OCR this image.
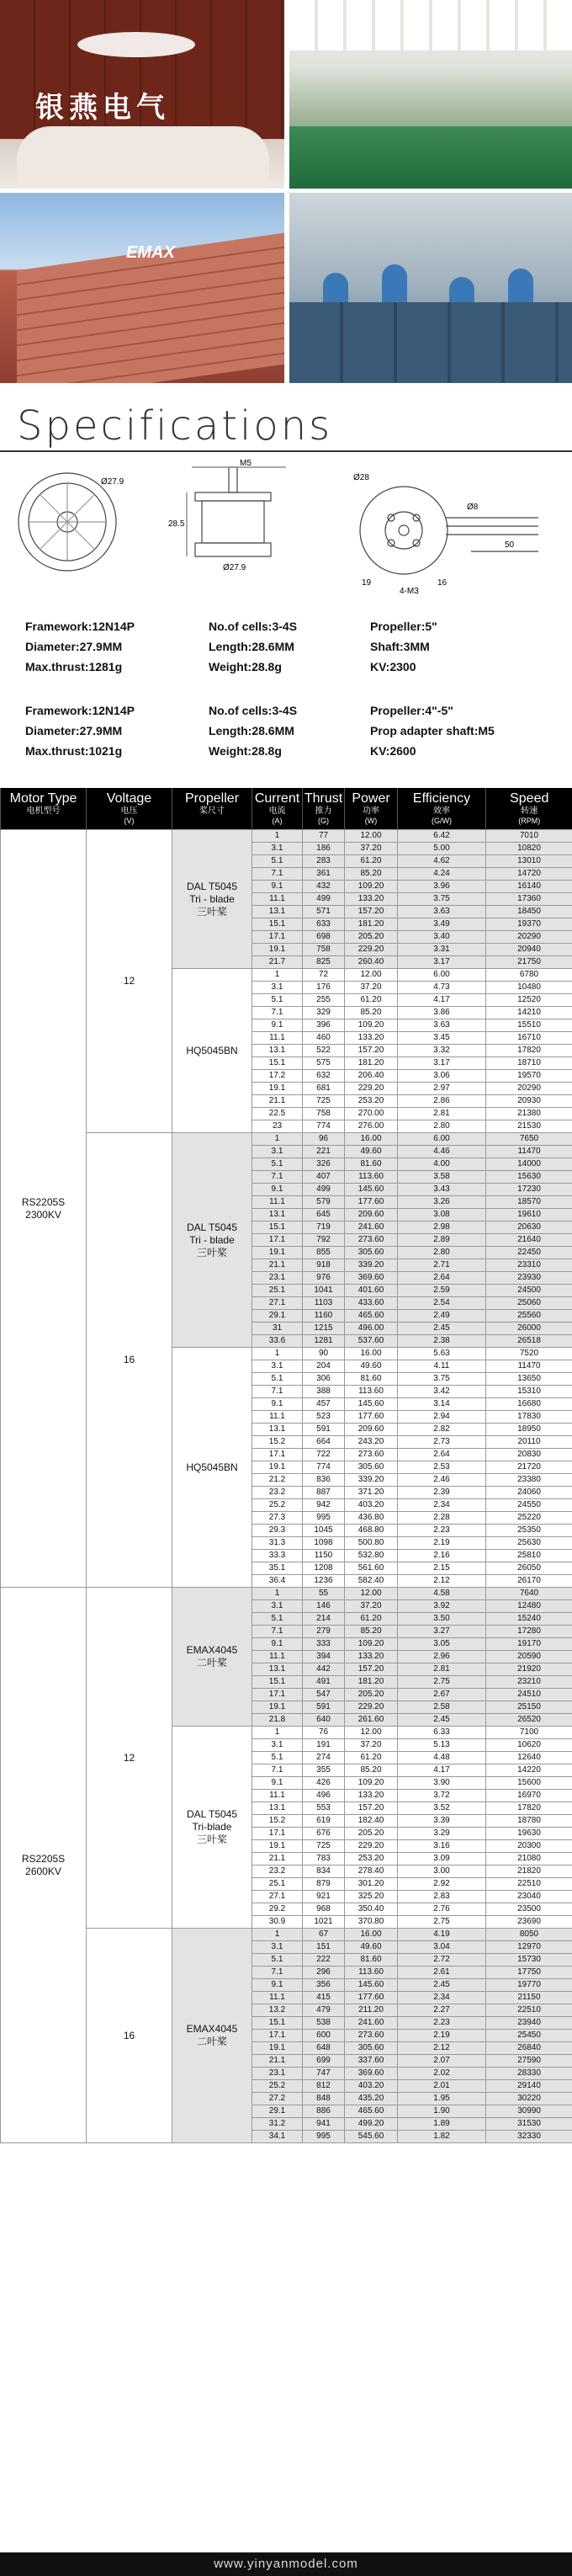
银燕电气
EMAX
Specifications
Ø27.9
M5
28.5
Ø27.9
Ø28
Ø8
19	16
4-M3
50
Framework:12N14P
Diameter:27.9MM
Max.thrust:1281g
No.of cells:3-4S
Length:28.6MM
Weight:28.8g
Propeller:5"
Shaft:3MM
KV:2300
Framework:12N14P
Diameter:27.9MM
Max.thrust:1021g
No.of cells:3-4S
Length:28.6MM
Weight:28.8g
Propeller:4"-5"
Prop adapter shaft:M5
KV:2600
Motor Type
电机型号	Voltage
电压
(V)	Propeller
桨尺寸	Current
电流
(A)	Thrust
推力
(G)	Power
功率
(W)	Efficiency
效率
(G/W)	Speed
转速
(RPM)

RS2205S
2300KV	12	DAL T5045
Tri - blade
三叶桨	1	77	12.00	6.42	7010
			3.1	186	37.20	5.00	10820
			5.1	283	61.20	4.62	13010
			7.1	361	85.20	4.24	14720
			9.1	432	109.20	3.96	16140
			11.1	499	133.20	3.75	17360
			13.1	571	157.20	3.63	18450
			15.1	633	181.20	3.49	19370
			17.1	698	205.20	3.40	20290
			19.1	758	229.20	3.31	20940
			21.7	825	260.40	3.17	21750
		HQ5045BN	1	72	12.00	6.00	6780
			3.1	176	37.20	4.73	10480
			5.1	255	61.20	4.17	12520
			7.1	329	85.20	3.86	14210
			9.1	396	109.20	3.63	15510
			11.1	460	133.20	3.45	16710
			13.1	522	157.20	3.32	17820
			15.1	575	181.20	3.17	18710
			17.2	632	206.40	3.06	19570
			19.1	681	229.20	2.97	20290
			21.1	725	253.20	2.86	20930
			22.5	758	270.00	2.81	21380
			23	774	276.00	2.80	21530
	16	DAL T5045
Tri - blade
三叶桨	1	96	16.00	6.00	7650
			3.1	221	49.60	4.46	11470
			5.1	326	81.60	4.00	14000
			7.1	407	113.60	3.58	15630
			9.1	499	145.60	3.43	17230
			11.1	579	177.60	3.26	18570
			13.1	645	209.60	3.08	19610
			15.1	719	241.60	2.98	20630
			17.1	792	273.60	2.89	21640
			19.1	855	305.60	2.80	22450
			21.1	918	339.20	2.71	23310
			23.1	976	369.60	2.64	23930
			25.1	1041	401.60	2.59	24500
			27.1	1103	433.60	2.54	25060
			29.1	1160	465.60	2.49	25560
			31	1215	496.00	2.45	26000
			33.6	1281	537.60	2.38	26518
		HQ5045BN	1	90	16.00	5.63	7520
			3.1	204	49.60	4.11	11470
			5.1	306	81.60	3.75	13650
			7.1	388	113.60	3.42	15310
			9.1	457	145.60	3.14	16680
			11.1	523	177.60	2.94	17830
			13.1	591	209.60	2.82	18950
			15.2	664	243.20	2.73	20110
			17.1	722	273.60	2.64	20830
			19.1	774	305.60	2.53	21720
			21.2	836	339.20	2.46	23380
			23.2	887	371.20	2.39	24060
			25.2	942	403.20	2.34	24550
			27.3	995	436.80	2.28	25220
			29.3	1045	468.80	2.23	25350
			31.3	1098	500.80	2.19	25630
			33.3	1150	532.80	2.16	25810
			35.1	1208	561.60	2.15	26050
			36.4	1236	582.40	2.12	26170
RS2205S
2600KV	12	EMAX4045
二叶桨	1	55	12.00	4.58	7640
			3.1	146	37.20	3.92	12480
			5.1	214	61.20	3.50	15240
			7.1	279	85.20	3.27	17280
			9.1	333	109.20	3.05	19170
			11.1	394	133.20	2.96	20590
			13.1	442	157.20	2.81	21920
			15.1	491	181.20	2.75	23210
			17.1	547	205.20	2.67	24510
			19.1	591	229.20	2.58	25150
			21.8	640	261.60	2.45	26520
		DAL T5045
Tri-blade
三叶桨	1	76	12.00	6.33	7100
			3.1	191	37.20	5.13	10620
			5.1	274	61.20	4.48	12640
			7.1	355	85.20	4.17	14220
			9.1	426	109.20	3.90	15600
			11.1	496	133.20	3.72	16970
			13.1	553	157.20	3.52	17820
			15.2	619	182.40	3.39	18780
			17.1	676	205.20	3.29	19630
			19.1	725	229.20	3.16	20300
			21.1	783	253.20	3.09	21080
			23.2	834	278.40	3.00	21820
			25.1	879	301.20	2.92	22510
			27.1	921	325.20	2.83	23040
			29.2	968	350.40	2.76	23500
			30.9	1021	370.80	2.75	23690
	16	EMAX4045
二叶桨	1	67	16.00	4.19	8050
			3.1	151	49.60	3.04	12970
			5.1	222	81.60	2.72	15730
			7.1	296	113.60	2.61	17750
			9.1	356	145.60	2.45	19770
			11.1	415	177.60	2.34	21150
			13.2	479	211.20	2.27	22510
			15.1	538	241.60	2.23	23940
			17.1	600	273.60	2.19	25450
			19.1	648	305.60	2.12	26840
			21.1	699	337.60	2.07	27590
			23.1	747	369.60	2.02	28330
			25.2	812	403.20	2.01	29140
			27.2	848	435.20	1.95	30220
			29.1	886	465.60	1.90	30990
			31.2	941	499.20	1.89	31530
			34.1	995	545.60	1.82	32330
www.yinyanmodel.com
